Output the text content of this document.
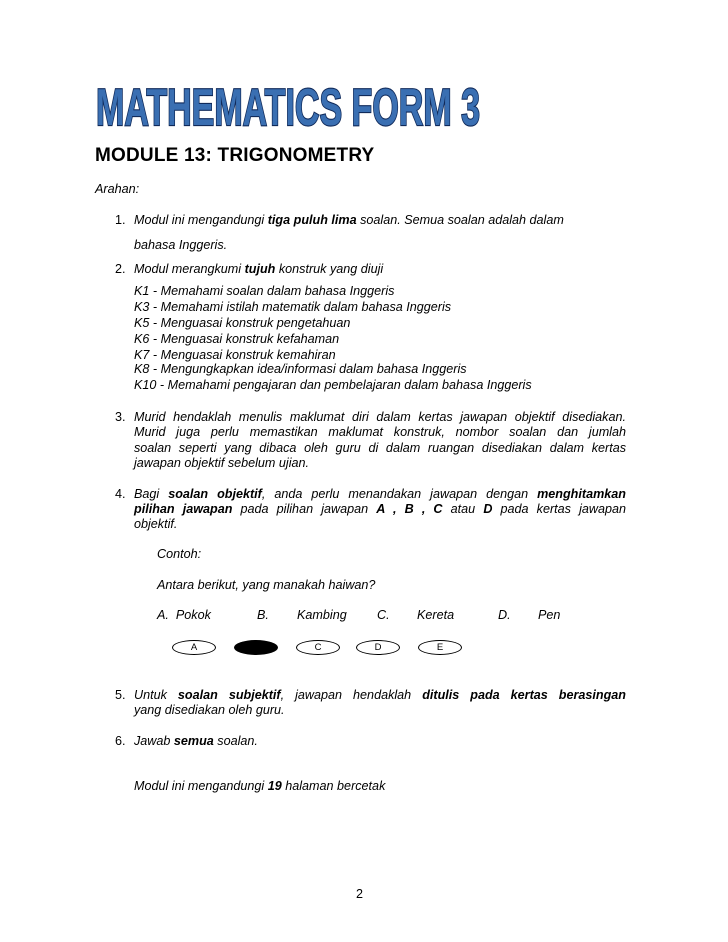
MATHEMATICS FORM 3
MODULE 13: TRIGONOMETRY
Arahan:
1. Modul ini mengandungi tiga puluh lima soalan. Semua soalan adalah dalam
bahasa Inggeris.
2. Modul merangkumi tujuh konstruk yang diuji
K1 - Memahami soalan dalam bahasa Inggeris
K3 - Memahami istilah matematik dalam bahasa Inggeris
K5 - Menguasai konstruk pengetahuan
K6 - Menguasai konstruk kefahaman
K7 - Menguasai konstruk kemahiran
K8 - Mengungkapkan idea/informasi dalam bahasa Inggeris
K10 - Memahami pengajaran dan pembelajaran dalam bahasa Inggeris
3. Murid hendaklah menulis maklumat diri dalam kertas jawapan objektif disediakan.
Murid juga perlu memastikan maklumat konstruk, nombor soalan dan jumlah
soalan seperti yang dibaca oleh guru di dalam ruangan disediakan dalam kertas
jawapan objektif sebelum ujian.
4. Bagi soalan objektif, anda perlu menandakan jawapan dengan menghitamkan
pilihan jawapan pada pilihan jawapan A , B , C atau D pada kertas jawapan
objektif.
Contoh:
Antara berikut, yang manakah haiwan?
A. Pokok	B. Kambing C. Kereta	D. Pen
A	C	D	E
5. Untuk soalan subjektif, jawapan hendaklah ditulis pada kertas berasingan
yang disediakan oleh guru.
6. Jawab semua soalan.
Modul ini mengandungi 19 halaman bercetak
2
